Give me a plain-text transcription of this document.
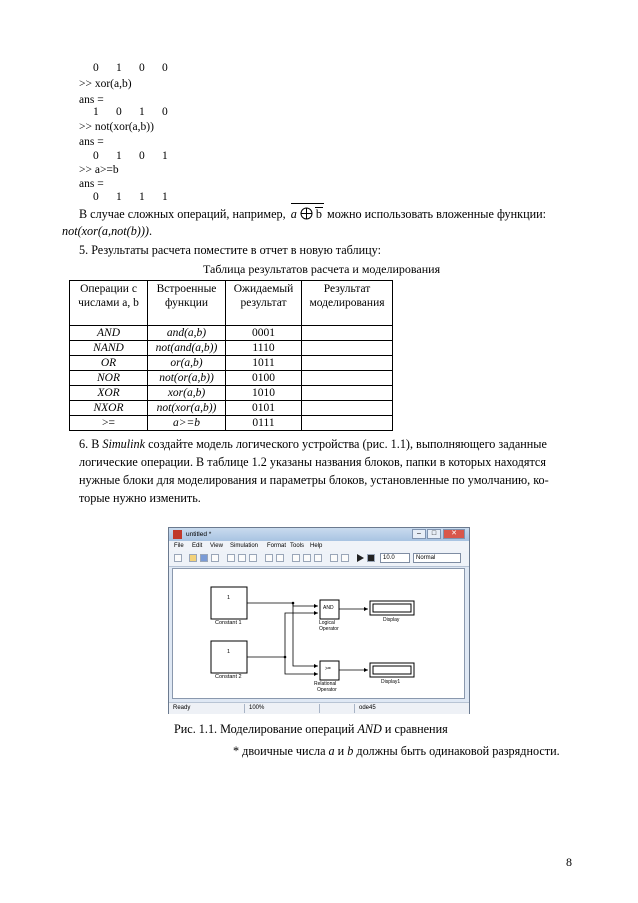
0 1 0 0
>> xor(a,b)
ans =
1 0 1 0
>> not(xor(a,b))
ans =
0 1 0 1
>> a>=b
ans =
0 1 1 1
В случае сложных операций, например, a b можно использовать вложенные функции:
not(xor(a,not(b))).
5. Результаты расчета поместите в отчет в новую таблицу:
Таблица результатов расчета и моделирования
Операции с числами a, b	Встроенные функции	Ожидаемый результат	Результат моделирования
AND	and(a,b)	0001	
NAND	not(and(a,b))	1110	
OR	or(a,b)	1011	
NOR	not(or(a,b))	0100	
XOR	xor(a,b)	1010	
NXOR	not(xor(a,b))	0101	
>=	a>=b	0111	
6. В Simulink создайте модель логического устройства (рис. 1.1), выполняющего заданные
логические операции. В таблице 1.2 указаны названия блоков, папки в которых находятся
нужные блоки для моделирования и параметры блоков, установленные по умолчанию, ко-
торые нужно изменить.
untitled *	–	□	✕
File Edit View Simulation Format Tools Help
10.0	Normal
1
Constant 1
1
Constant 2
AND
Logical
Operator
>=
Relational
Operator
Display
Display1
Ready	100%	ode45
Рис. 1.1. Моделирование операций AND и сравнения
* двоичные числа a и b должны быть одинаковой разрядности.
8
